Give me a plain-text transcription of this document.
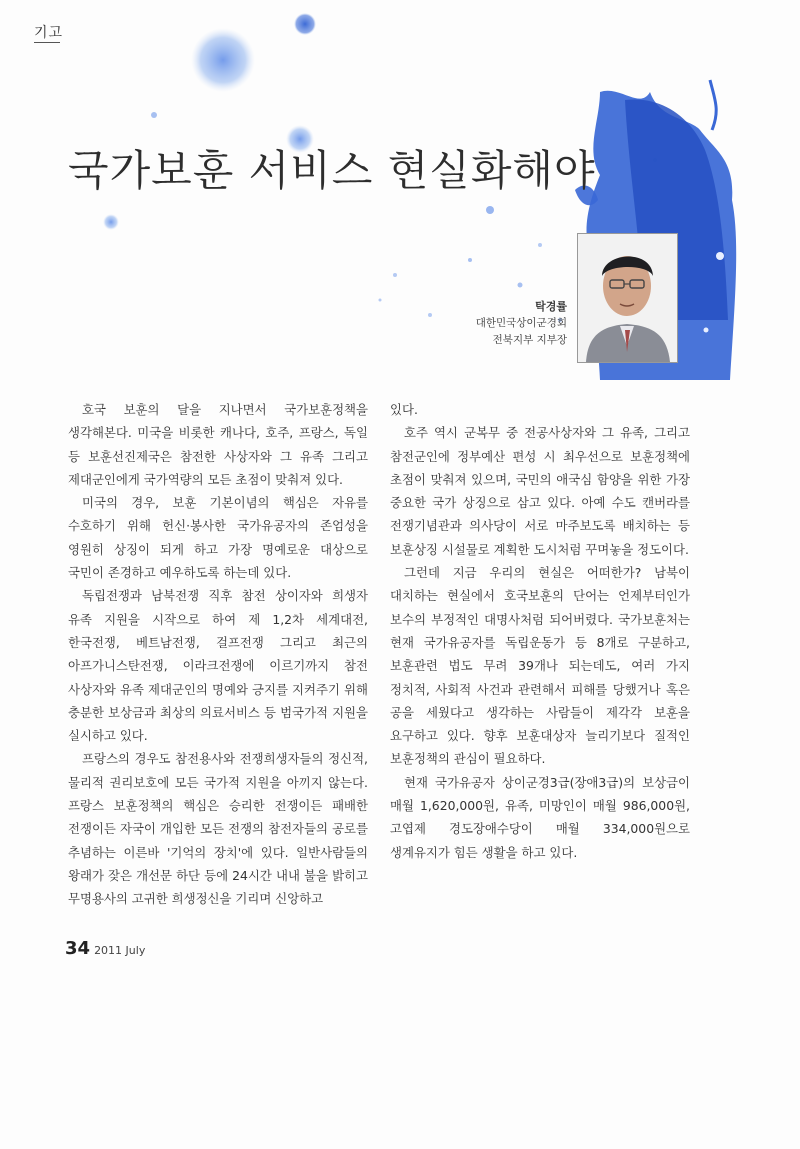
기고
국가보훈 서비스 현실화해야
탁경률
대한민국상이군경회
전북지부 지부장

호국 보훈의 달을 지나면서 국가보훈정책을 생각해본다. 미국을 비롯한 캐나다, 호주, 프랑스, 독일 등 보훈선진제국은 참전한 사상자와 그 유족 그리고 제대군인에게 국가역량의 모든 초점이 맞춰져 있다.

미국의 경우, 보훈 기본이념의 핵심은 자유를 수호하기 위해 헌신·봉사한 국가유공자의 존엄성을 영원히 상징이 되게 하고 가장 명예로운 대상으로 국민이 존경하고 예우하도록 하는데 있다.

독립전쟁과 남북전쟁 직후 참전 상이자와 희생자 유족 지원을 시작으로 하여 제 1,2차 세계대전, 한국전쟁, 베트남전쟁, 걸프전쟁 그리고 최근의 아프가니스탄전쟁, 이라크전쟁에 이르기까지 참전 사상자와 유족 제대군인의 명예와 긍지를 지켜주기 위해 충분한 보상금과 최상의 의료서비스 등 범국가적 지원을 실시하고 있다.

프랑스의 경우도 참전용사와 전쟁희생자들의 정신적, 물리적 권리보호에 모든 국가적 지원을 아끼지 않는다. 프랑스 보훈정책의 핵심은 승리한 전쟁이든 패배한 전쟁이든 자국이 개입한 모든 전쟁의 참전자들의 공로를 추념하는 이른바 '기억의 장치'에 있다. 일반사람들의 왕래가 잦은 개선문 하단 등에 24시간 내내 불을 밝히고 무명용사의 고귀한 희생정신을 기리며 신앙하고

있다.

호주 역시 군복무 중 전공사상자와 그 유족, 그리고 참전군인에 정부예산 편성 시 최우선으로 보훈정책에 초점이 맞춰져 있으며, 국민의 애국심 함양을 위한 가장 중요한 국가 상징으로 삼고 있다. 아예 수도 캔버라를 전쟁기념관과 의사당이 서로 마주보도록 배치하는 등 보훈상징 시설물로 계획한 도시처럼 꾸며놓을 정도이다.

그런데 지금 우리의 현실은 어떠한가? 남북이 대치하는 현실에서 호국보훈의 단어는 언제부터인가 보수의 부정적인 대명사처럼 되어버렸다. 국가보훈처는 현재 국가유공자를 독립운동가 등 8개로 구분하고, 보훈관련 법도 무려 39개나 되는데도, 여러 가지 정치적, 사회적 사건과 관련해서 피해를 당했거나 혹은 공을 세웠다고 생각하는 사람들이 제각각 보훈을 요구하고 있다. 향후 보훈대상자 늘리기보다 질적인 보훈정책의 관심이 필요하다.

현재 국가유공자 상이군경3급(장애3급)의 보상금이 매월 1,620,000원, 유족, 미망인이 매월 986,000원, 고엽제 경도장애수당이 매월 334,000원으로 생계유지가 힘든 생활을 하고 있다.

34 2011 July
